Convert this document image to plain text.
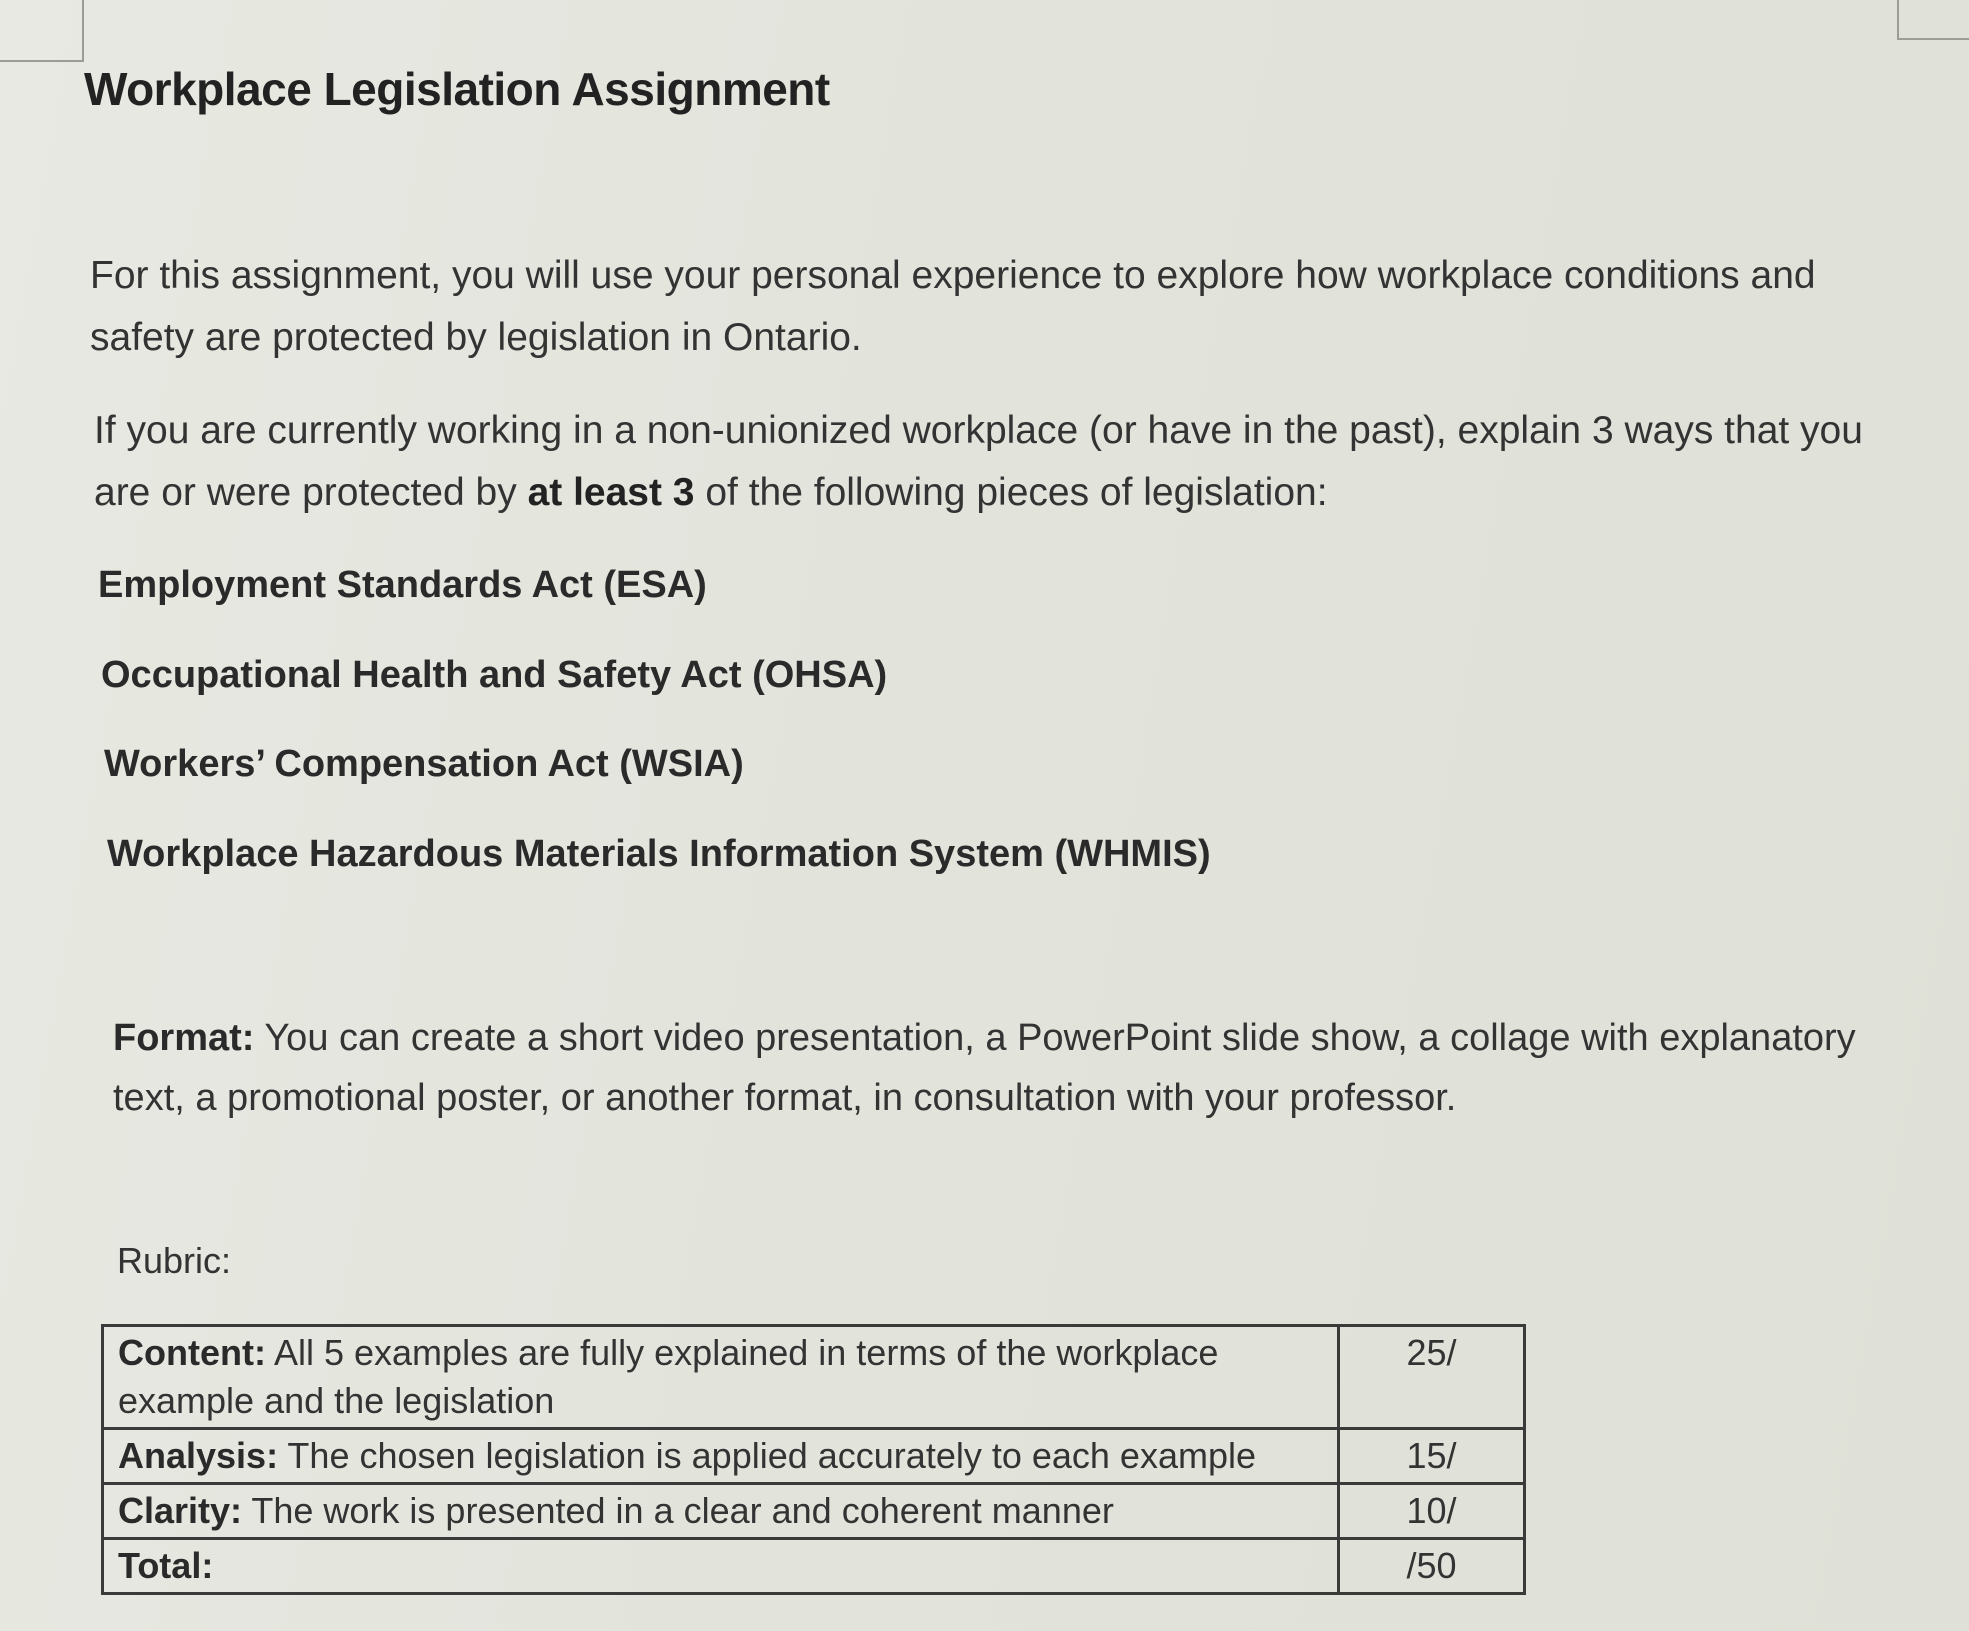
Workplace Legislation Assignment
For this assignment, you will use your personal experience to explore how workplace conditions and safety are protected by legislation in Ontario.
If you are currently working in a non-unionized workplace (or have in the past), explain 3 ways that you are or were protected by at least 3 of the following pieces of legislation:
Employment Standards Act (ESA)
Occupational Health and Safety Act (OHSA)
Workers’ Compensation Act (WSIA)
Workplace Hazardous Materials Information System (WHMIS)
Format: You can create a short video presentation, a PowerPoint slide show, a collage with explanatory text, a promotional poster, or another format, in consultation with your professor.
Rubric:
Content: All 5 examples are fully explained in terms of the workplace example and the legislation	25/
Analysis: The chosen legislation is applied accurately to each example	15/
Clarity: The work is presented in a clear and coherent manner	10/
Total:	/50
